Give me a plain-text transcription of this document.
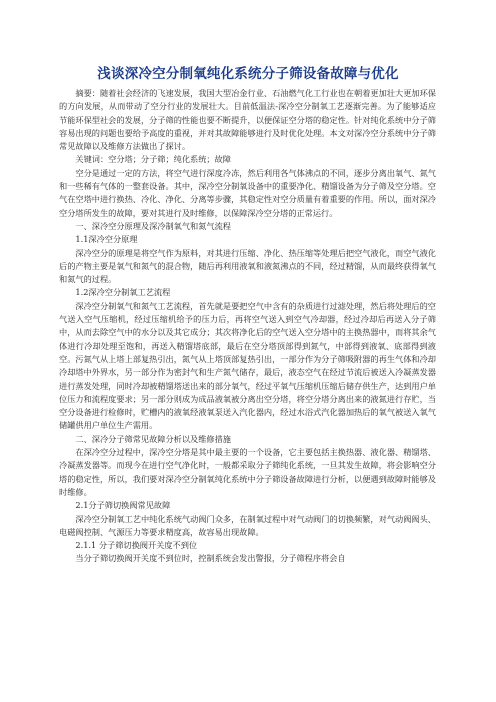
浅谈深冷空分制氧纯化系统分子筛设备故障与优化

摘要：随着社会经济的飞速发展，我国大型冶金行业、石油燃气化工行业也在朝着更加壮大更加环保的方向发展，从而带动了空分行业的发展壮大。目前低温法-深冷空分制氧工艺逐渐完善。为了能够适应节能环保型社会的发展，分子筛的性能也要不断提升，以便保证空分塔的稳定性。针对纯化系统中分子筛容易出现的问题也要给予高度的重视，并对其故障能够进行及时优化处理。本文对深冷空分系统中分子筛常见故障以及维修方法做出了探讨。

关键词：空分塔；分子筛；纯化系统；故障

空分是通过一定的方法，将空气进行深度冷冻，然后利用各气体沸点的不同，逐步分离出氧气、氮气和一些稀有气体的一整套设备。其中，深冷空分制氧设备中的重要净化、精馏设备为分子筛及空分塔。空气在空塔中进行换热、冷化、净化、分离等步骤，其稳定性对空分质量有着重要的作用。所以，面对深冷空分塔所发生的故障，要对其进行及时维修，以保障深冷空分塔的正常运行。

一、深冷空分原理及深冷制氧气和氮气流程

1.1深冷空分原理

深冷空分的原理是将空气作为原料，对其进行压缩、净化、热压缩等处理后把空气液化，而空气液化后的产物主要是氧气和氮气的混合物，随后再利用液氧和液氮沸点的不同，经过精馏，从而最终获得氧气和氮气的过程。

1.2深冷空分制氧工艺流程

深冷空分制氧气和氮气工艺流程，首先就是要把空气中含有的杂质进行过滤处理，然后将处理后的空气送入空气压缩机，经过压缩机给予的压力后，再将空气送入到空气冷却器，经过冷却后再送入分子筛中，从而去除空气中的水分以及其它成分；其次将净化后的空气送入空分塔中的主换热器中，而将其余气体进行冷却处理至饱和，再送入精馏塔底部，最后在空分塔顶部得到氮气，中部得到液氧、底部得到液空。污氮气从上塔上部复热引出，氮气从上塔顶部复热引出，一部分作为分子筛吸附器的再生气体和冷却冷却塔中外界水，另一部分作为密封气和生产氮气储存，最后，液态空气在经过节流后被送入冷凝蒸发器进行蒸发处理，同时冷却被精馏塔送出来的部分氧气，经过平氧气压缩机压缩后储存供生产，达到用户单位压力和流程度要求；另一部分则成为成品液氧被分离出空分塔，将空分塔分离出来的液氮进行存贮，当空分设备进行检修时，贮槽内的液氧经液氧泵送入汽化器内，经过水浴式汽化器加热后的氧气被送入氧气储罐供用户单位生产需用。

二、深冷分子筛常见故障分析以及维修措施

在深冷空分过程中，深冷空分塔是其中最主要的一个设备，它主要包括主换热器、液化器、精馏塔、冷凝蒸发器等。而现今在进行空气净化时，一般都采取分子筛纯化系统，一旦其发生故障，将会影响空分塔的稳定性，所以，我们要对深冷空分制氧纯化系统中分子筛设备故障进行分析，以便遇到故障时能够及时维修。

2.1分子筛切换阀常见故障

深冷空分制氧工艺中纯化系统气动阀门众多，在制氧过程中对气动阀门的切换频繁，对气动阀阀头、电磁阀控制、气源压力等要求精度高，故容易出现故障。

2.1.1 分子筛切换阀开关度不到位

当分子筛切换阀开关度不到位时，控制系统会发出警报，分子筛程序将会自
